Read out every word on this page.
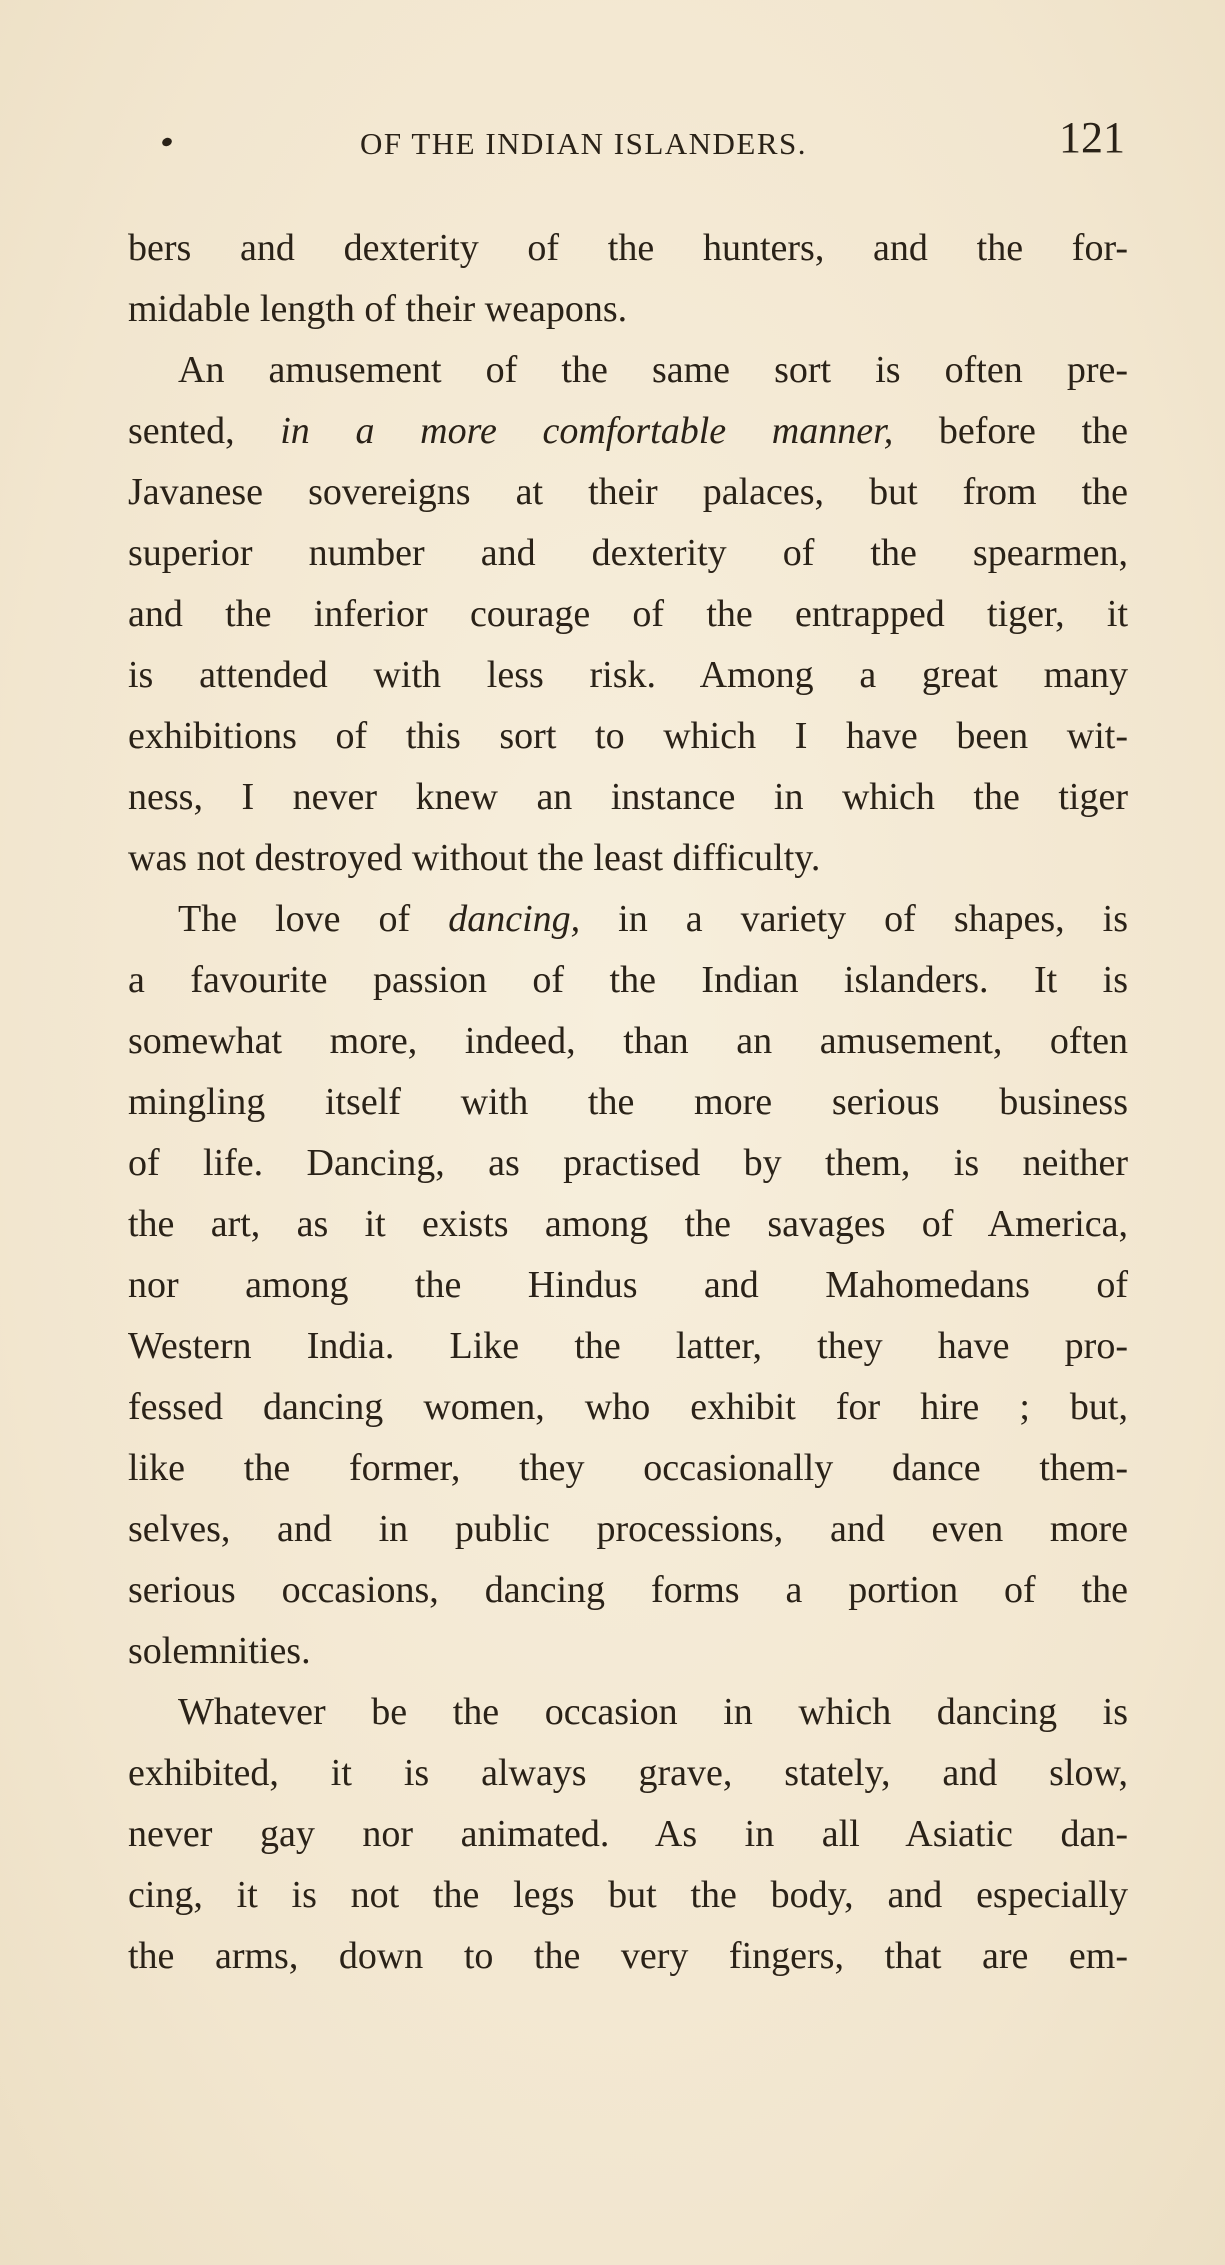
OF THE INDIAN ISLANDERS.	121
bers and dexterity of the hunters, and the for-
midable length of their weapons.
An amusement of the same sort is often pre-
sented, in a more comfortable manner, before the
Javanese sovereigns at their palaces, but from the
superior number and dexterity of the spearmen,
and the inferior courage of the entrapped tiger, it
is attended with less risk. Among a great many
exhibitions of this sort to which I have been wit-
ness, I never knew an instance in which the tiger
was not destroyed without the least difficulty.
The love of dancing, in a variety of shapes, is
a favourite passion of the Indian islanders. It is
somewhat more, indeed, than an amusement, often
mingling itself with the more serious business
of life. Dancing, as practised by them, is neither
the art, as it exists among the savages of America,
nor among the Hindus and Mahomedans of
Western India. Like the latter, they have pro-
fessed dancing women, who exhibit for hire ; but,
like the former, they occasionally dance them-
selves, and in public processions, and even more
serious occasions, dancing forms a portion of the
solemnities.
Whatever be the occasion in which dancing is
exhibited, it is always grave, stately, and slow,
never gay nor animated. As in all Asiatic dan-
cing, it is not the legs but the body, and especially
the arms, down to the very fingers, that are em-
